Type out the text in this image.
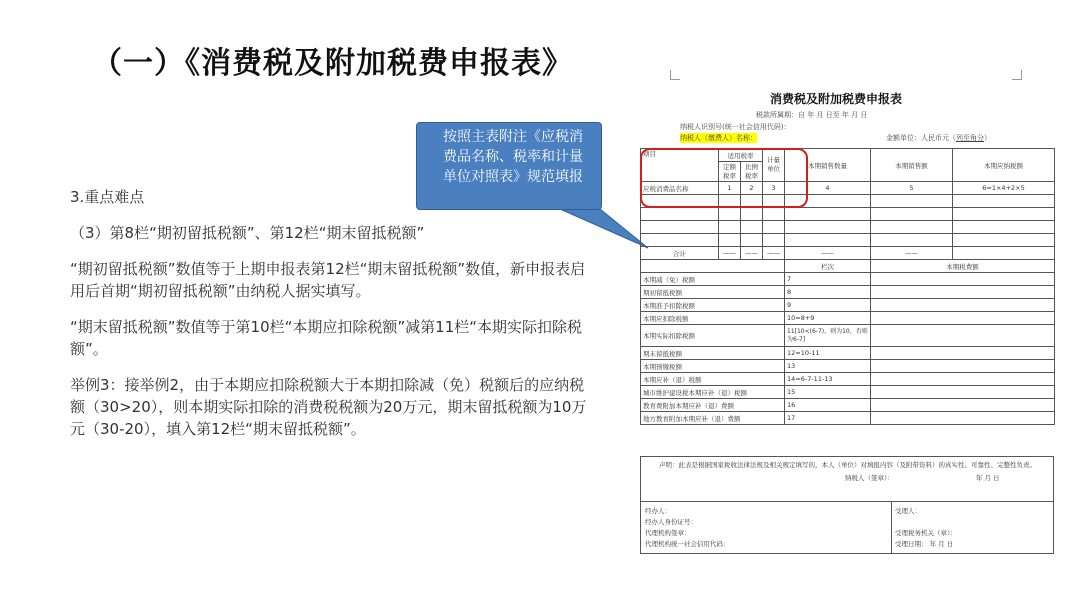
（一）《消费税及附加税费申报表》

3.重点难点

（3）第8栏“期初留抵税额”、第12栏“期末留抵税额”

“期初留抵税额”数值等于上期申报表第12栏“期末留抵税额”数值，新申报表启用后首期“期初留抵税额”由纳税人据实填写。

“期末留抵税额”数值等于第10栏“本期应扣除税额”减第11栏“本期实际扣除税额”。

举例3：接举例2，由于本期应扣除税额大于本期扣除减（免）税额后的应纳税额（30>20），则本期实际扣除的消费税税额为20万元，期末留抵税额为10万元（30-20），填入第12栏“期末留抵税额”。

按照主表附注《应税消费品名称、税率和计量单位对照表》规范填报
消费税及附加税费申报表
税款所属期：自 年 月 日至 年 月 日
纳税人识别号(统一社会信用代码)：
纳税人（缴费人）名称：	金额单位：人民币元（列至角分）
项目	适用税率		计量单位	本期销售数量	本期销售额	本期应纳税额
	定额税率	比例税率				
应税消费品名称	1	2	3	4	5	6=1×4+2×5

合计	——	——	——	——	——	
				栏次	本期税费额	
本期减（免）税额				7		
期初留抵税额				8		
本期准予扣除税额				9		
本期应扣除税额				10=8+9		
本期实际扣除税额				11[10<(6-7)，则为10，否则为6-7]		
期末留抵税额				12=10-11		
本期预缴税额				13		
本期应补（退）税额				14=6-7-11-13		
城市维护建设税本期应补（退）税额				15		
教育费附加本期应补（退）费额				16		
地方教育附加本期应补（退）费额				17		
声明：此表是根据国家税收法律法规及相关规定填写的，本人（单位）对填报内容（及附带资料）的真实性、可靠性、完整性负责。
纳税人（签章）：	年 月 日
经办人：
经办人身份证号：
代理机构签章：
代理机构统一社会信用代码：
受理人：
受理税务机关（章）：
受理日期： 年 月 日
